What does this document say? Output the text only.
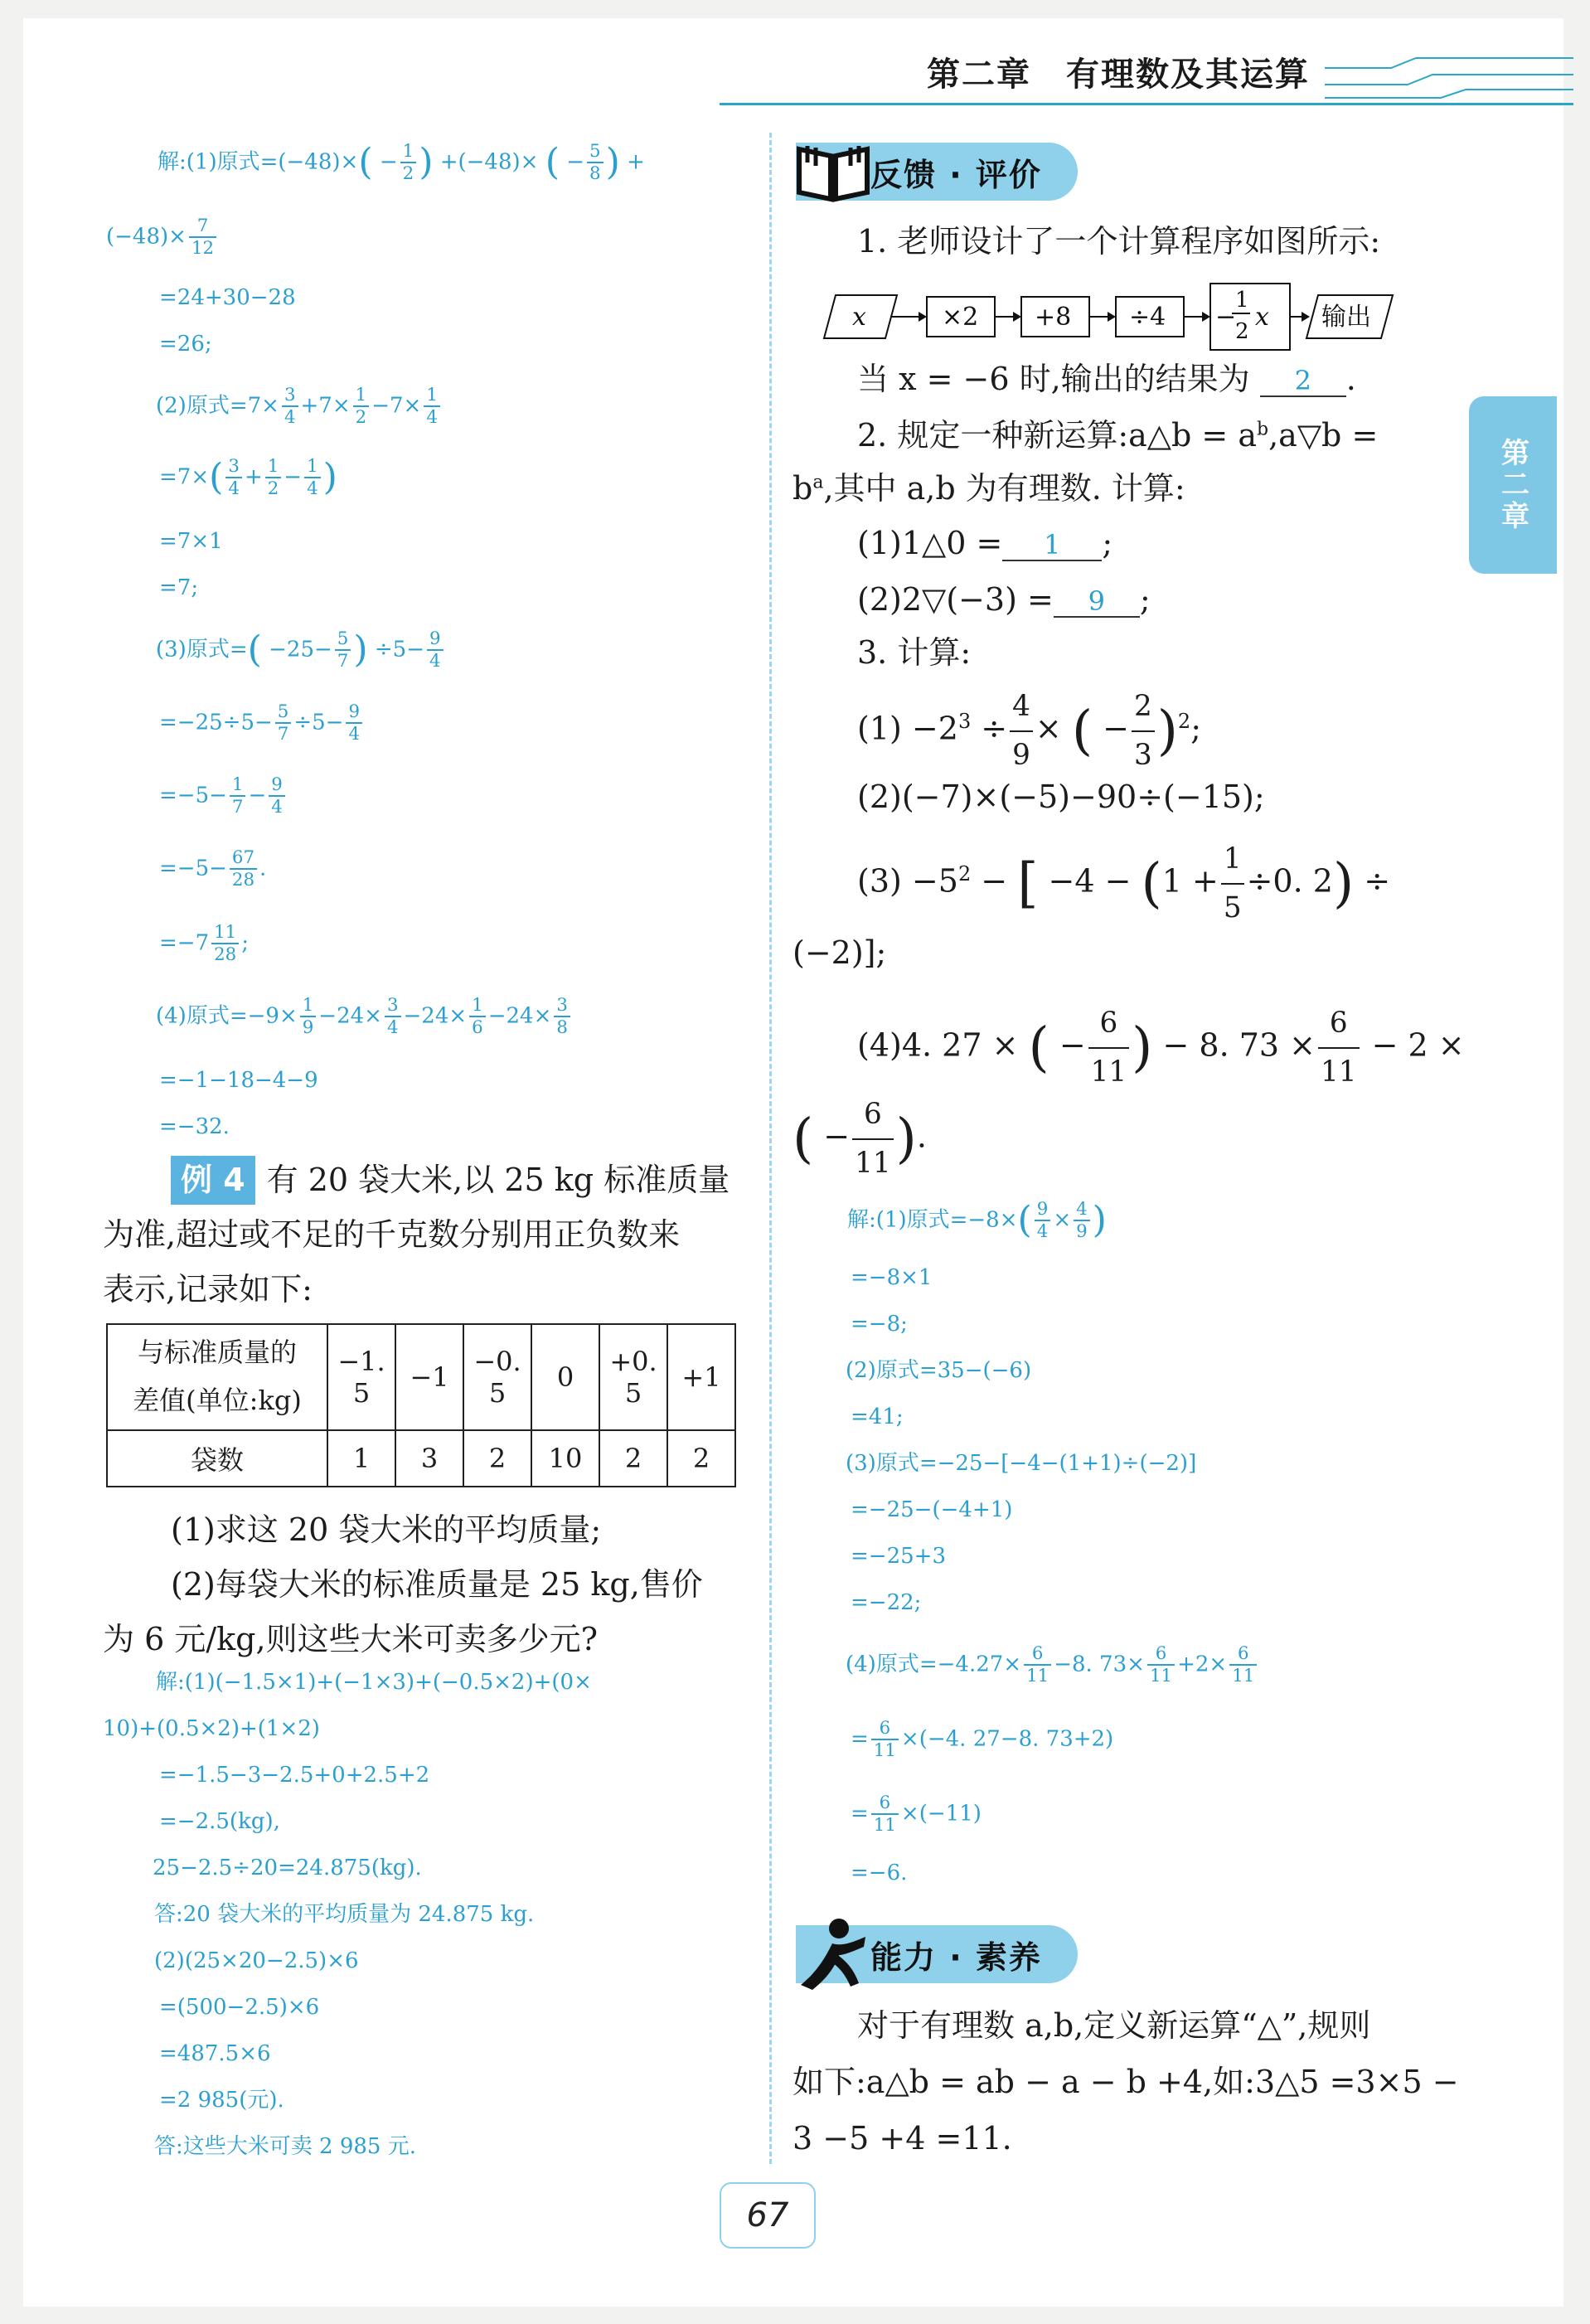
第二章　有理数及其运算
第二章
解:(1)原式$=(-48)\times( - \frac{1}{2}$ ) +(−48)× ( − $\frac{5}{8}$ ) +
$(-48)\times \frac{7}{12}$
=24+30−28
=26;
(2)原式$=7\times \frac{3}{4} +7\times \frac{1}{2} -7\times \frac{1}{4}$
$=7\times( \frac{3}{4} + \frac{1}{2} - \frac{1}{4}$ )
=7×1
=7;
(3)原式=( $-25- \frac{5}{7}$ ) $\div 5- \frac{9}{4}$
$=-25\div 5- \frac{5}{7} \div 5- \frac{9}{4}$
$=-5- \frac{1}{7} - \frac{9}{4}$
$=-5- \frac{67}{28}$ .
$=-7 \frac{11}{28}$ ;
(4)原式$=-9\times \frac{1}{9} -24\times \frac{3}{4} -24\times \frac{1}{6} -24\times \frac{3}{8}$
=−1−18−4−9
=−32.
例 4 有 20 袋大米,以 25 kg 标准质量
为准,超过或不足的千克数分别用正负数来
表示,记录如下:
与标准质量的
差值(单位:kg)	−1. 5	−1	−0. 5	0	+0. 5	+1
袋数	1	3	2	10	2	2
(1)求这 20 袋大米的平均质量;
(2)每袋大米的标准质量是 25 kg,售价
为 6 元/kg,则这些大米可卖多少元?
解:(1)(−1.5×1)+(−1×3)+(−0.5×2)+(0×
10)+(0.5×2)+(1×2)
=−1.5−3−2.5+0+2.5+2
=−2.5(kg),
25−2.5÷20=24.875(kg).
答:20 袋大米的平均质量为 24.875 kg.
(2)(25×20−2.5)×6
=(500−2.5)×6
=487.5×6
=2 985(元).
答:这些大米可卖 2 985 元.
反馈 · 评价
1. 老师设计了一个计算程序如图所示:
x	×2 +8 ÷4 −
1
2 x 输出
当 x = −6 时,输出的结果为 2 .
2. 规定一种新运算:a△b = $a^b,a▽b$ =
$b^a$,其中 a,b 为有理数. 计算:
(1)1△0 = 1 ;
(2)2▽(−3) = 9 ;
3. 计算:
$(1) -2^3 \div \frac{4}{9}$ × ( − $\frac{2}{3} )^2$;
(2)(−7)×(−5)−90÷(−15);
$(3) -5^2$ − [ $-4 - (1 + \frac{1}{5} \div 0$. 2) ÷
(−2)];
(4)4. 27 × ( − $\frac{6}{11}$ ) − 8. $73 \times \frac{6}{11} - 2$ ×
( − $\frac{6}{11}$ ).
解:(1)原式$=-8\times( \frac{9}{4} \times \frac{4}{9}$ )
=−8×1
=−8;
(2)原式=35−(−6)
=41;
(3)原式=−25−[−4−(1+1)÷(−2)]
=−25−(−4+1)
=−25+3
=−22;
(4)原式$=-4.27\times \frac{6}{11} -8$. $73\times \frac{6}{11} +2\times \frac{6}{11}$
= $\frac{6}{11} \times(-4$. 27−8. 73+2)
= $\frac{6}{11} \times(-11)$
=−6.
能力 · 素养
对于有理数 a,b,定义新运算“△”,规则
如下:a△b = ab − a − b +4,如:3△5 =3×5 −
3 −5 +4 =11.
67
